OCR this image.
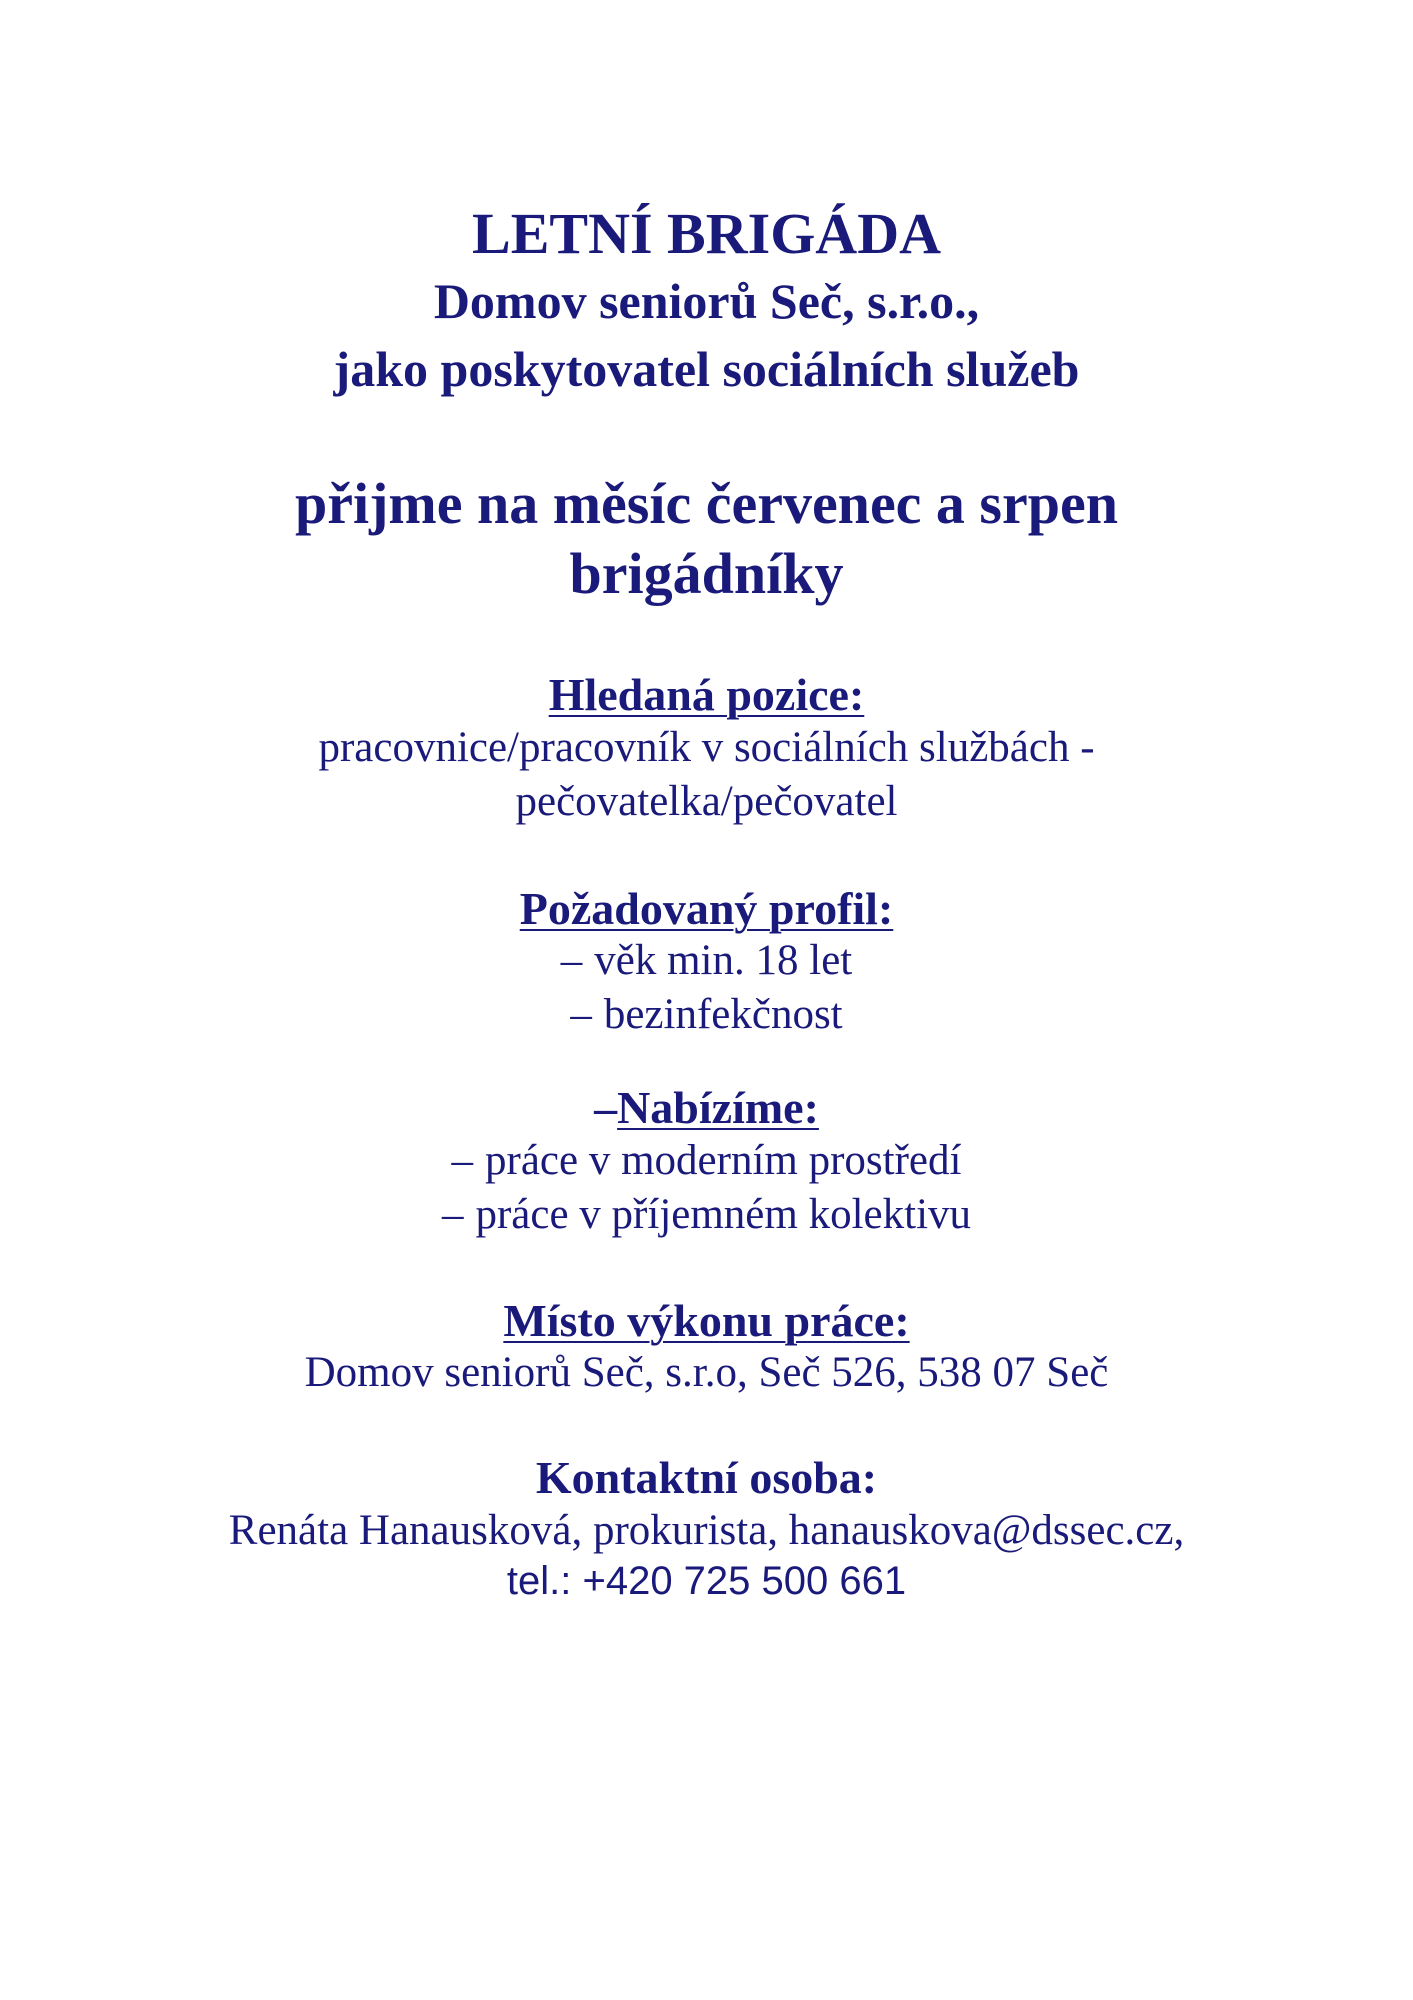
LETNÍ BRIGÁDA
Domov seniorů Seč, s.r.o.,
jako poskytovatel sociálních služeb
přijme na měsíc červenec a srpen
brigádníky
Hledaná pozice:
pracovnice/pracovník v sociálních službách -
pečovatelka/pečovatel
Požadovaný profil:
– věk min. 18 let
– bezinfekčnost
–Nabízíme:
– práce v moderním prostředí
– práce v příjemném kolektivu
Místo výkonu práce:
Domov seniorů Seč, s.r.o, Seč 526, 538 07 Seč
Kontaktní osoba:
Renáta Hanausková, prokurista, hanauskova@dssec.cz,
tel.: +420 725 500 661
